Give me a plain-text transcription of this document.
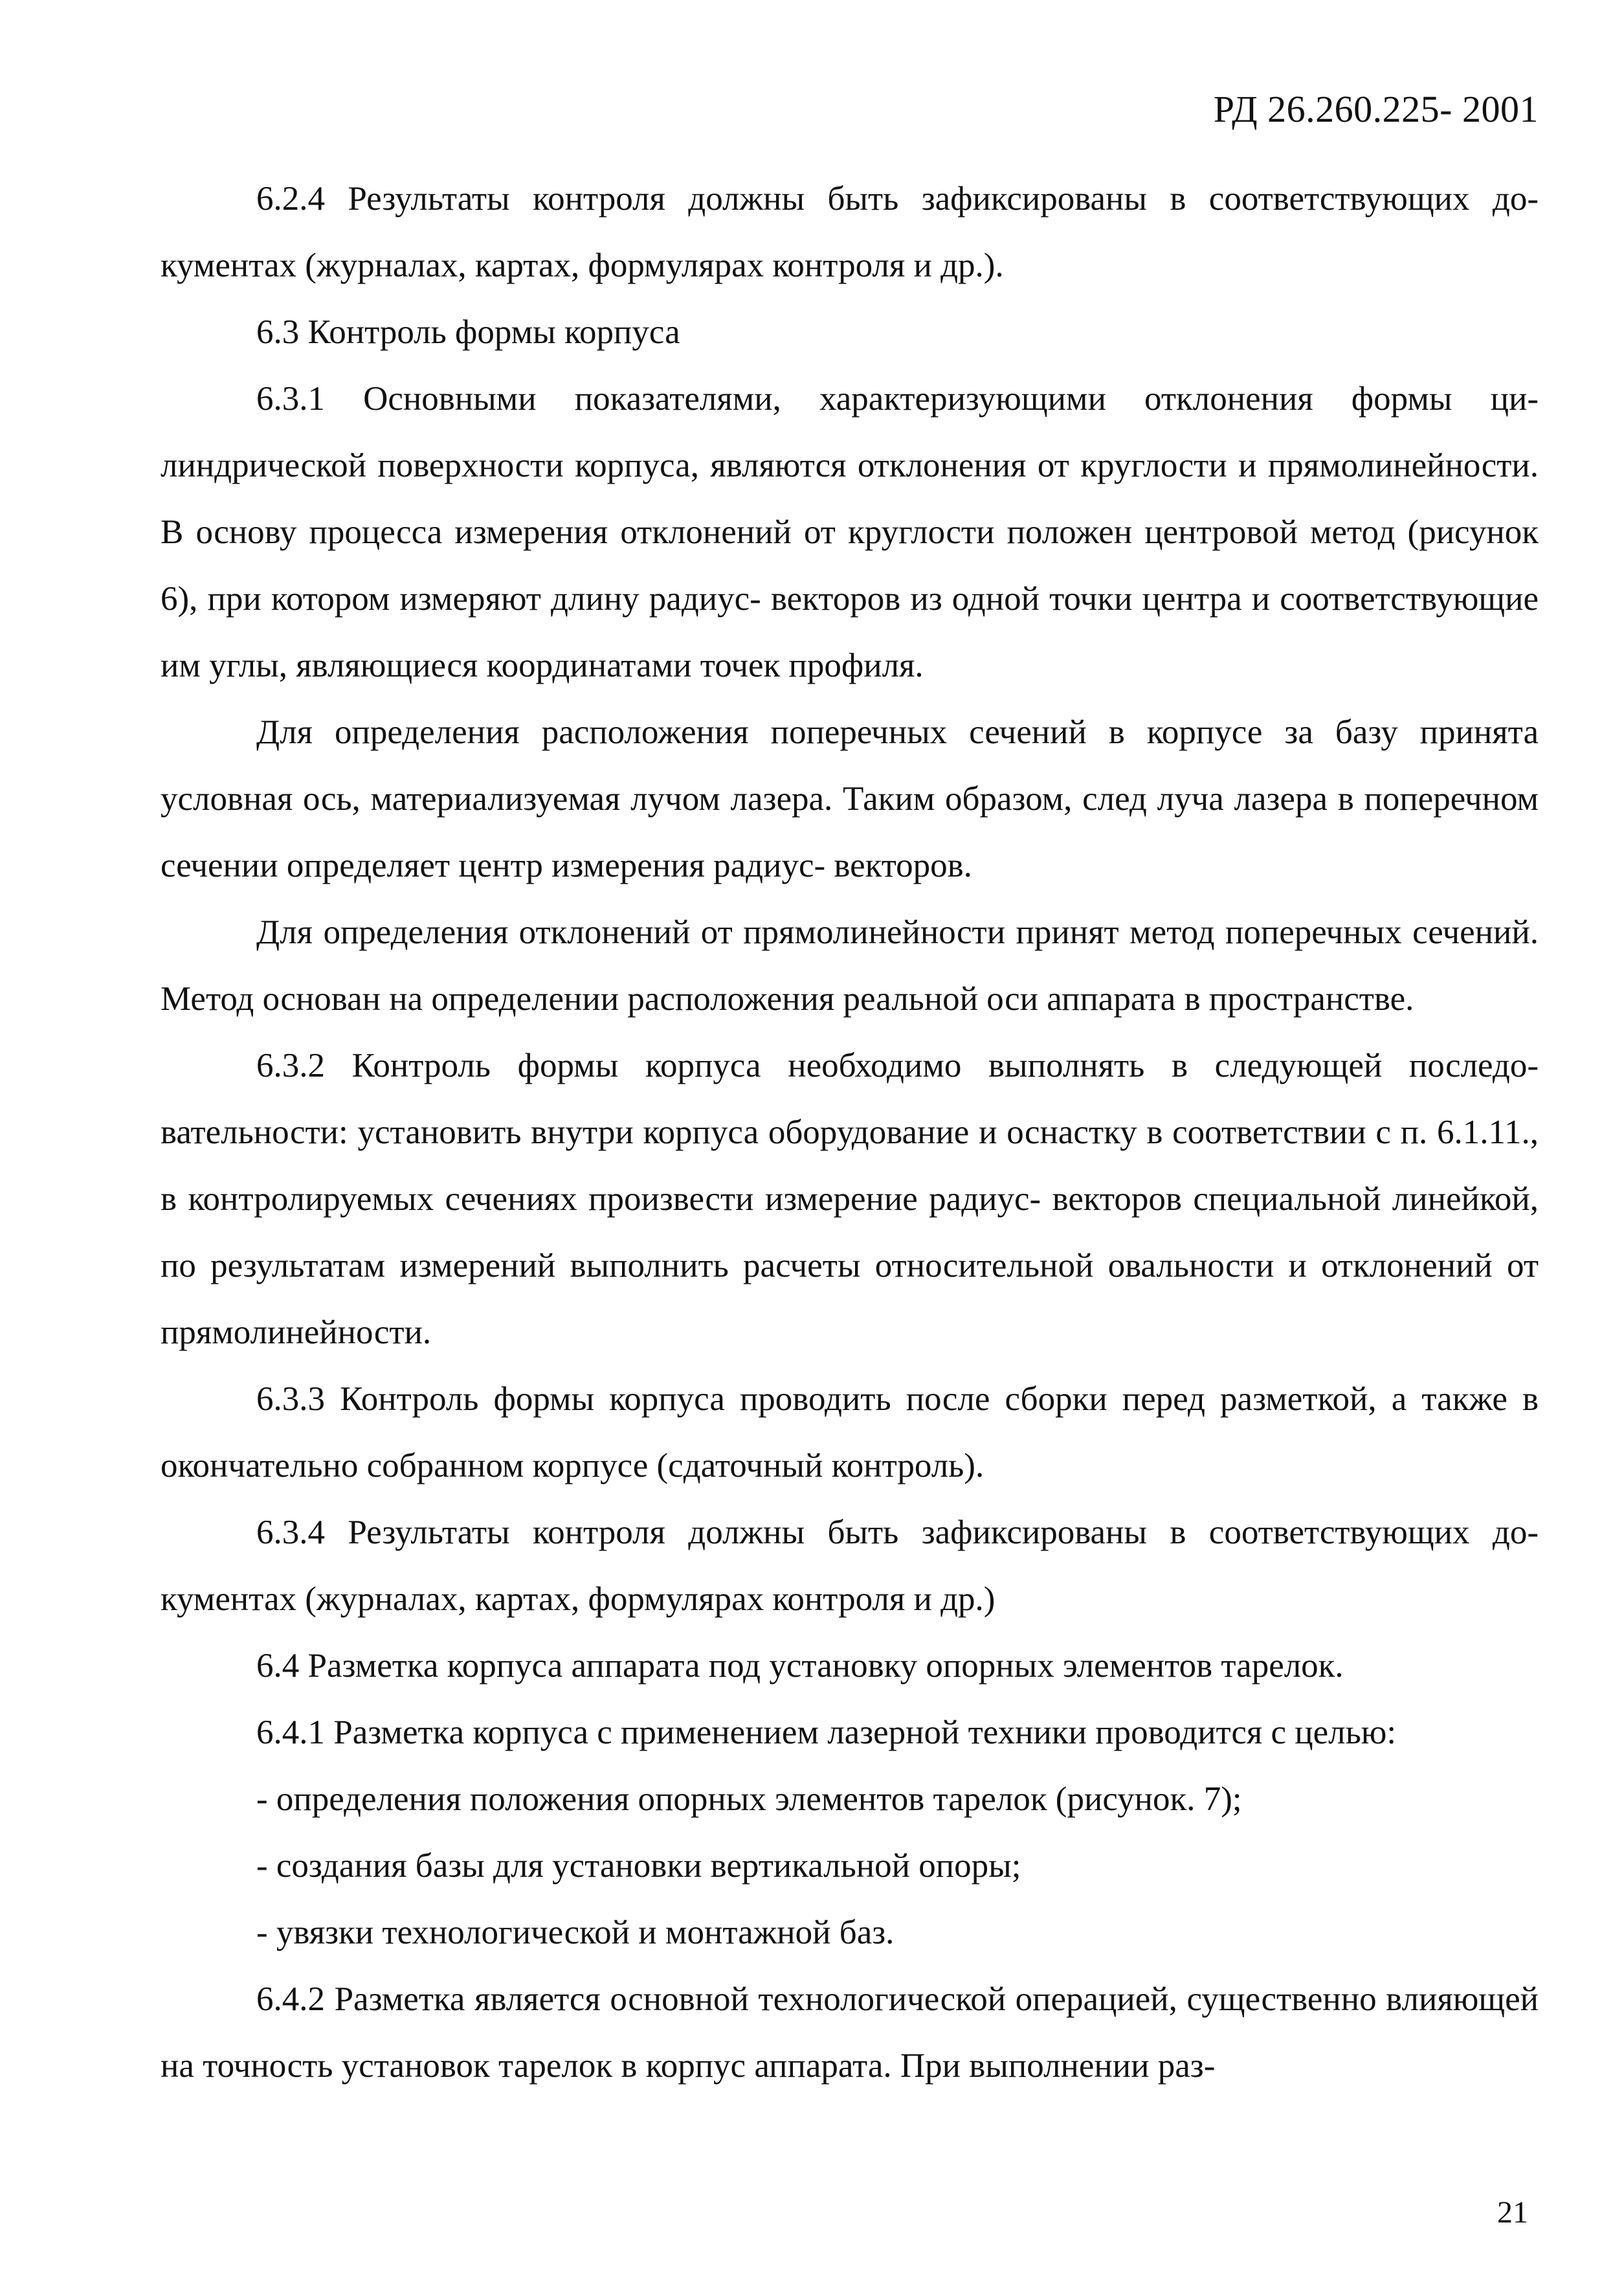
РД 26.260.225- 2001

6.2.4 Результаты контроля должны быть зафиксированы в соответствующих документах (журналах, картах, формулярах контроля и др.).

6.3 Контроль формы корпуса

6.3.1 Основными показателями, характеризующими отклонения формы цилиндрической поверхности корпуса, являются отклонения от круглости и прямолинейности. В основу процесса измерения отклонений от круглости положен центровой метод (рисунок 6), при котором измеряют длину радиус- векторов из одной точки центра и соответствующие им углы, являющиеся координатами точек профиля.

Для определения расположения поперечных сечений в корпусе за базу принята условная ось, материализуемая лучом лазера. Таким образом, след луча лазера в поперечном сечении определяет центр измерения радиус- векторов.

Для определения отклонений от прямолинейности принят метод поперечных сечений. Метод основан на определении расположения реальной оси аппарата в пространстве.

6.3.2 Контроль формы корпуса необходимо выполнять в следующей последовательности: установить внутри корпуса оборудование и оснастку в соответствии с п. 6.1.11., в контролируемых сечениях произвести измерение радиус- векторов специальной линейкой, по результатам измерений выполнить расчеты относительной овальности и отклонений от прямолинейности.

6.3.3 Контроль формы корпуса проводить после сборки перед разметкой, а также в окончательно собранном корпусе (сдаточный контроль).

6.3.4 Результаты контроля должны быть зафиксированы в соответствующих документах (журналах, картах, формулярах контроля и др.)

6.4 Разметка корпуса аппарата под установку опорных элементов тарелок.

6.4.1 Разметка корпуса с применением лазерной техники проводится с целью:

- определения положения опорных элементов тарелок (рисунок. 7);

- создания базы для установки вертикальной опоры;

- увязки технологической и монтажной баз.

6.4.2 Разметка является основной технологической операцией, существенно влияющей на точность установок тарелок в корпус аппарата. При выполнении раз-

21
